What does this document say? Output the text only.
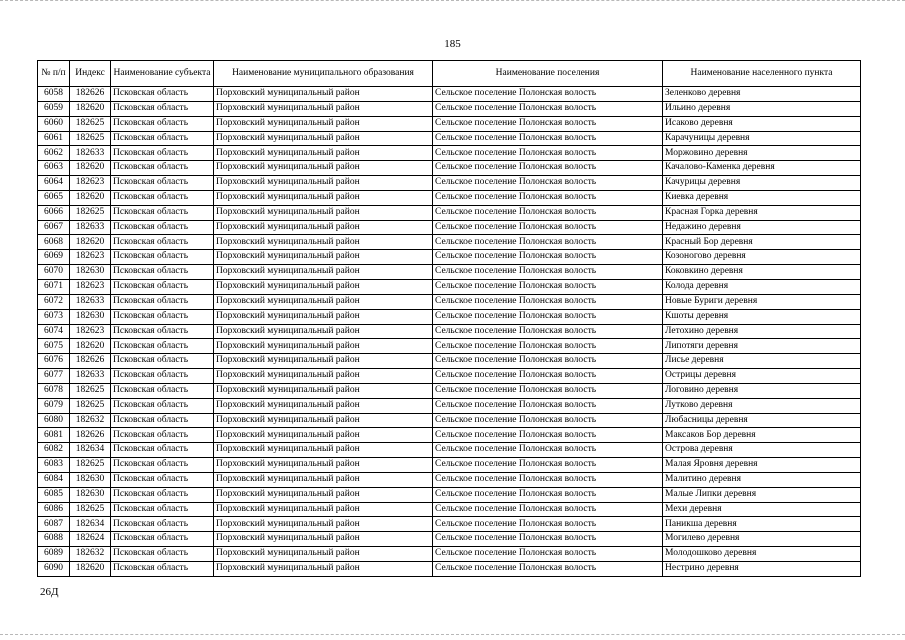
185
№ п/п	Индекс	Наименование субъекта	Наименование муниципального образования	Наименование поселения	Наименование населенного пункта
6058	182626	Псковская область	Порховский муниципальный район	Сельское поселение Полонская волость	Зеленково деревня
6059	182620	Псковская область	Порховский муниципальный район	Сельское поселение Полонская волость	Ильино деревня
6060	182625	Псковская область	Порховский муниципальный район	Сельское поселение Полонская волость	Исаково деревня
6061	182625	Псковская область	Порховский муниципальный район	Сельское поселение Полонская волость	Карачуницы деревня
6062	182633	Псковская область	Порховский муниципальный район	Сельское поселение Полонская волость	Моржовино деревня
6063	182620	Псковская область	Порховский муниципальный район	Сельское поселение Полонская волость	Качалово-Каменка деревня
6064	182623	Псковская область	Порховский муниципальный район	Сельское поселение Полонская волость	Качурицы деревня
6065	182620	Псковская область	Порховский муниципальный район	Сельское поселение Полонская волость	Киевка деревня
6066	182625	Псковская область	Порховский муниципальный район	Сельское поселение Полонская волость	Красная Горка деревня
6067	182633	Псковская область	Порховский муниципальный район	Сельское поселение Полонская волость	Недажино деревня
6068	182620	Псковская область	Порховский муниципальный район	Сельское поселение Полонская волость	Красный Бор деревня
6069	182623	Псковская область	Порховский муниципальный район	Сельское поселение Полонская волость	Козоногово деревня
6070	182630	Псковская область	Порховский муниципальный район	Сельское поселение Полонская волость	Коковкино деревня
6071	182623	Псковская область	Порховский муниципальный район	Сельское поселение Полонская волость	Колода деревня
6072	182633	Псковская область	Порховский муниципальный район	Сельское поселение Полонская волость	Новые Буриги деревня
6073	182630	Псковская область	Порховский муниципальный район	Сельское поселение Полонская волость	Кшоты деревня
6074	182623	Псковская область	Порховский муниципальный район	Сельское поселение Полонская волость	Летохино деревня
6075	182620	Псковская область	Порховский муниципальный район	Сельское поселение Полонская волость	Липотяги деревня
6076	182626	Псковская область	Порховский муниципальный район	Сельское поселение Полонская волость	Лисье деревня
6077	182633	Псковская область	Порховский муниципальный район	Сельское поселение Полонская волость	Острицы деревня
6078	182625	Псковская область	Порховский муниципальный район	Сельское поселение Полонская волость	Логовино деревня
6079	182625	Псковская область	Порховский муниципальный район	Сельское поселение Полонская волость	Лутково деревня
6080	182632	Псковская область	Порховский муниципальный район	Сельское поселение Полонская волость	Любасницы деревня
6081	182626	Псковская область	Порховский муниципальный район	Сельское поселение Полонская волость	Максаков Бор деревня
6082	182634	Псковская область	Порховский муниципальный район	Сельское поселение Полонская волость	Острова деревня
6083	182625	Псковская область	Порховский муниципальный район	Сельское поселение Полонская волость	Малая Яровня деревня
6084	182630	Псковская область	Порховский муниципальный район	Сельское поселение Полонская волость	Малитино деревня
6085	182630	Псковская область	Порховский муниципальный район	Сельское поселение Полонская волость	Малые Липки деревня
6086	182625	Псковская область	Порховский муниципальный район	Сельское поселение Полонская волость	Мехи деревня
6087	182634	Псковская область	Порховский муниципальный район	Сельское поселение Полонская волость	Паникша деревня
6088	182624	Псковская область	Порховский муниципальный район	Сельское поселение Полонская волость	Могилево деревня
6089	182632	Псковская область	Порховский муниципальный район	Сельское поселение Полонская волость	Молодошково деревня
6090	182620	Псковская область	Порховский муниципальный район	Сельское поселение Полонская волость	Нестрино деревня
26Д
